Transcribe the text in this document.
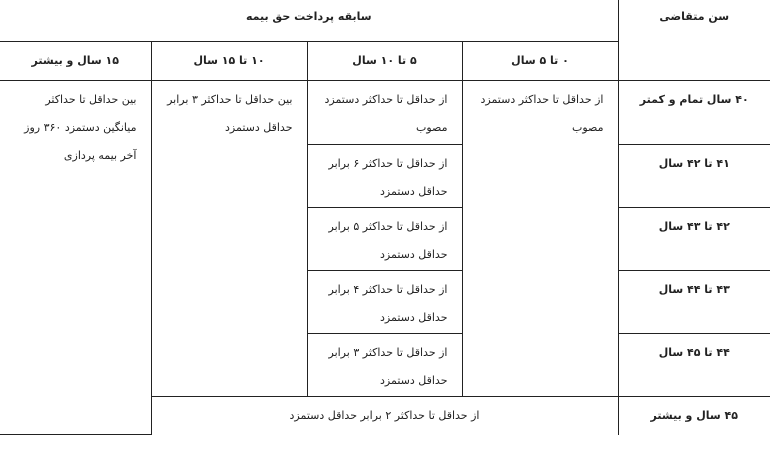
سن متقاضی	سابقه پرداخت حق بیمه			
	۰ تا ۵ سال	۵ تا ۱۰ سال	۱۰ تا ۱۵ سال	۱۵ سال و بیشتر
۴۰ سال تمام و کمتر	از حداقل تا حداکثر دستمزد مصوب	از حداقل تا حداکثر دستمزد مصوب	بین حداقل تا حداکثر ۳ برابر حداقل دستمزد	بین حداقل تا حداکثر میانگین دستمزد ۳۶۰ روز آخر بیمه پردازی
۴۱ تا ۴۲ سال		از حداقل تا حداکثر ۶ برابر حداقل دستمزد		
۴۲ تا ۴۳ سال		از حداقل تا حداکثر ۵ برابر حداقل دستمزد		
۴۳ تا ۴۴ سال		از حداقل تا حداکثر ۴ برابر حداقل دستمزد		
۴۴ تا ۴۵ سال		از حداقل تا حداکثر ۳ برابر حداقل دستمزد		
۴۵ سال و بیشتر	از حداقل تا حداکثر ۲ برابر حداقل دستمزد			
